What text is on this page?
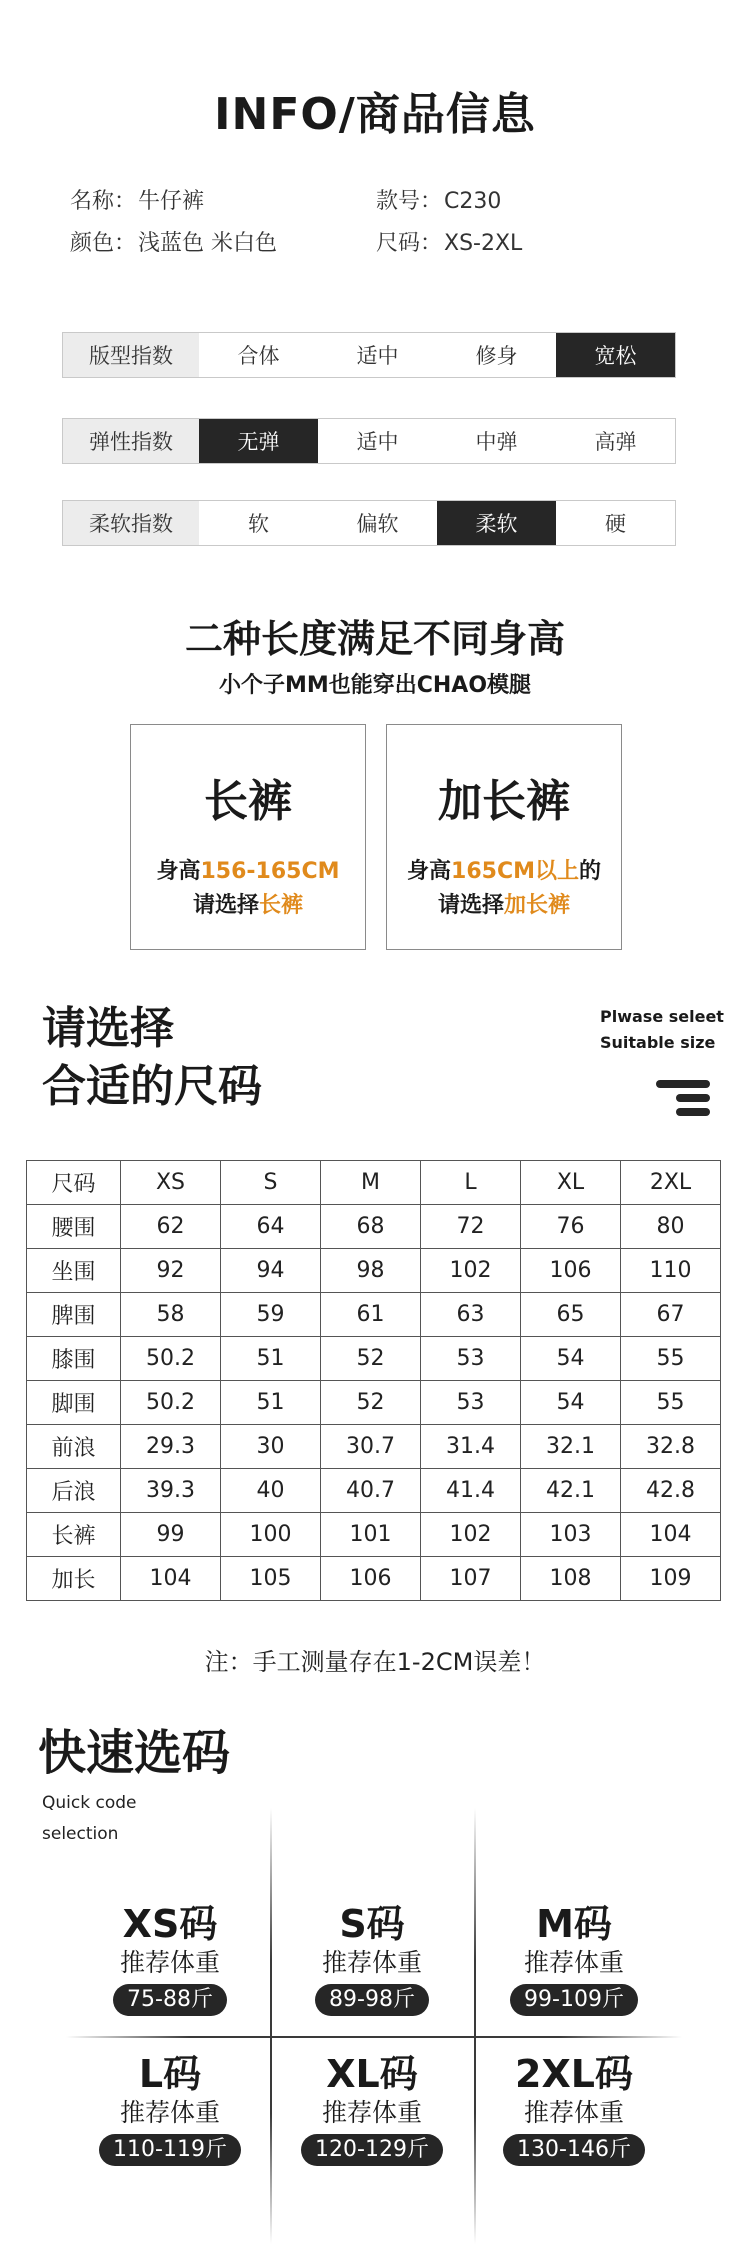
INFO/商品信息
名称：牛仔裤	款号：C230
颜色：浅蓝色 米白色	尺码：XS-2XL
版型指数	合体	适中	修身	宽松
弹性指数	无弹	适中	中弹	高弹
柔软指数	软	偏软	柔软	硬
二种长度满足不同身高
小个子MM也能穿出CHAO模腿
长裤
身高156-165CM
请选择长裤
加长裤
身高165CM以上的
请选择加长裤
请选择
合适的尺码
Plwase seleet
Suitable size
尺码	XS	S	M	L	XL	2XL
腰围	62	64	68	72	76	80
坐围	92	94	98	102	106	110
脾围	58	59	61	63	65	67
膝围	50.2	51	52	53	54	55
脚围	50.2	51	52	53	54	55
前浪	29.3	30	30.7	31.4	32.1	32.8
后浪	39.3	40	40.7	41.4	42.1	42.8
长裤	99	100	101	102	103	104
加长	104	105	106	107	108	109
注：手工测量存在1-2CM误差！
快速选码
Quick code
selection
XS码
推荐体重
75-88斤
S码
推荐体重
89-98斤
M码
推荐体重
99-109斤
L码
推荐体重
110-119斤
XL码
推荐体重
120-129斤
2XL码
推荐体重
130-146斤
